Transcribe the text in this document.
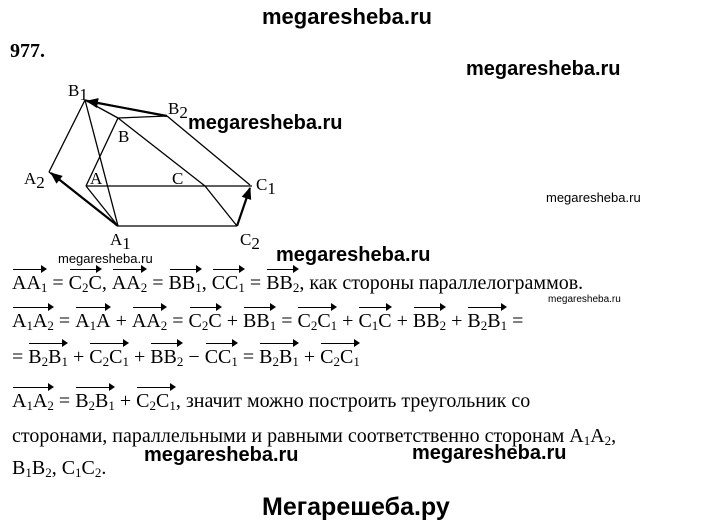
megaresheba.ru
977.
megaresheba.ru
B1
B2
B
A2	A	C	C1
A1	C2
megaresheba.ru
megaresheba.ru
megaresheba.ru	megaresheba.ru
megaresheba.ru
$AA_1 = C_2C$, $AA_2 = BB_1$, $CC_1 = BB_2$, как стороны параллелограммов.
$A_1A_2 = A_1A + AA_2 = C_2C + BB_1 = C_2C_1 + C_1C + BB_2 + B_2B_1$ =
= $B_2B_1 + C_2C_1 + BB_2 - CC_1 = B_2B_1 + C_2C_1$
$A_1A_2 = B_2B_1 + C_2C_1$, значит можно построить треугольник со
сторонами, параллельными и равными соответственно сторонам $A_1A_2$,
$B_1B_2$, $C_1C_2$.
megaresheba.ru	megaresheba.ru
Мегарешеба.ру
